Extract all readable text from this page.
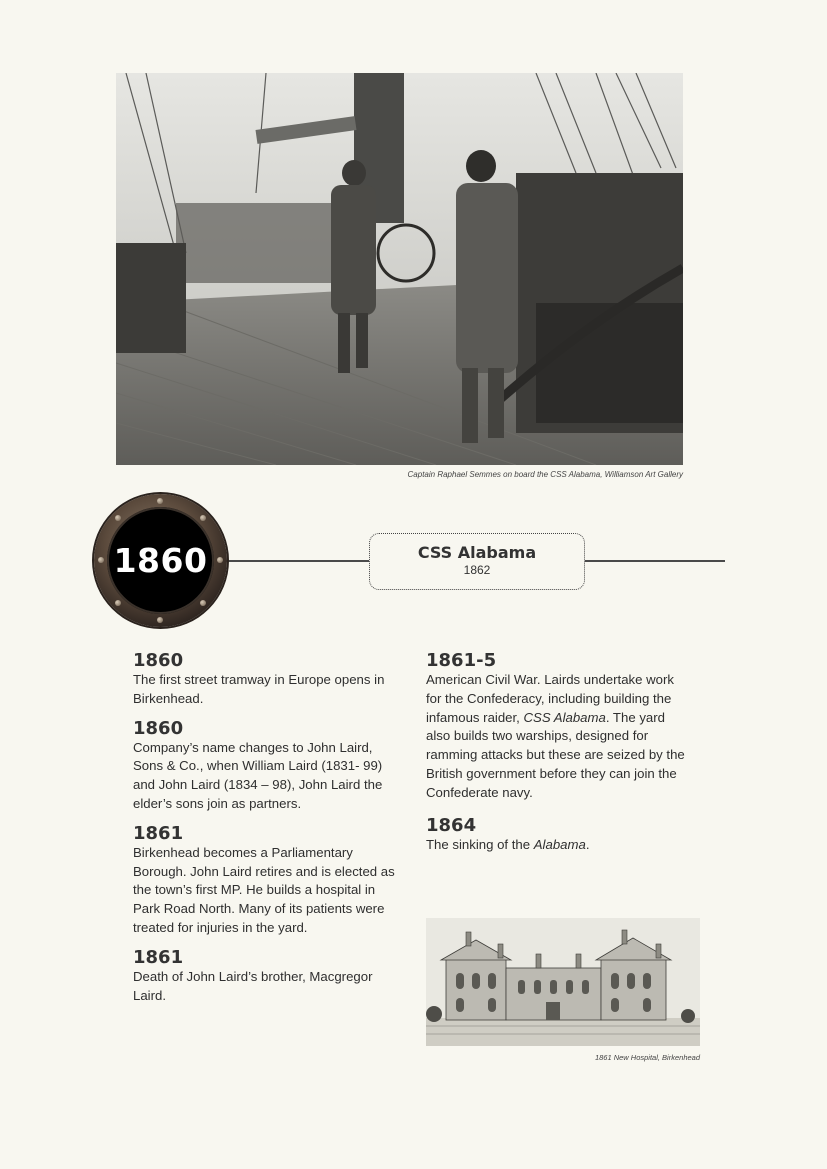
Captain Raphael Semmes on board the CSS Alabama, Williamson Art Gallery
1860	CSS Alabama
1862
1860
The first street tramway in Europe opens in Birkenhead.
1860
Company’s name changes to John Laird, Sons & Co., when William Laird (1831- 99) and John Laird (1834 – 98), John Laird the elder’s sons join as partners.
1861
Birkenhead becomes a Parliamentary Borough. John Laird retires and is elected as the town’s first MP. He builds a hospital in Park Road North. Many of its patients were treated for injuries in the yard.
1861
Death of John Laird’s brother, Macgregor Laird.
1861-5
American Civil War. Lairds undertake work for the Confederacy, including building the infamous raider, CSS Alabama. The yard also builds two warships, designed for ramming attacks but these are seized by the British government before they can join the Confederate navy.
1864
The sinking of the Alabama.
1861 New Hospital, Birkenhead
